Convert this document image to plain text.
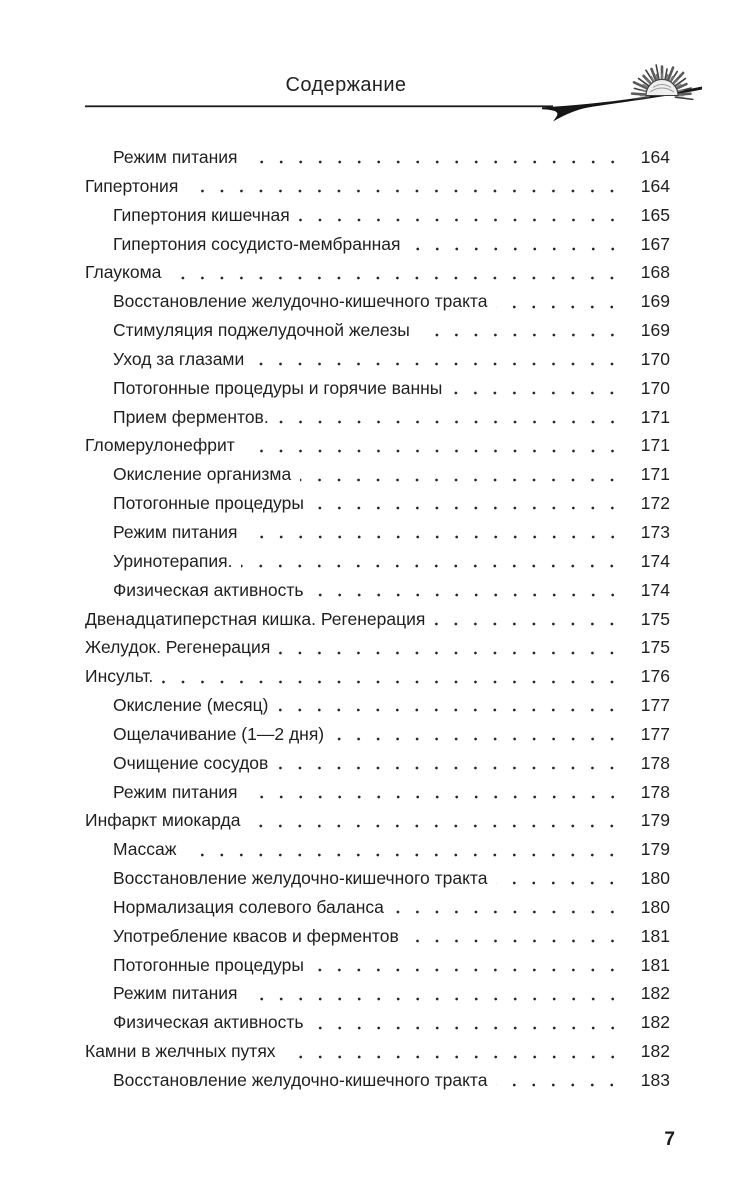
Содержание
Режим питания	164
Гипертония	164
Гипертония кишечная	165
Гипертония сосудисто-мембранная	167
Глаукома	168
Восстановление желудочно-кишечного тракта	169
Стимуляция поджелудочной железы	169
Уход за глазами	170
Потогонные процедуры и горячие ванны	170
Прием ферментов.	171
Гломерулонефрит	171
Окисление организма	171
Потогонные процедуры	172
Режим питания	173
Уринотерапия.	174
Физическая активность	174
Двенадцатиперстная кишка. Регенерация	175
Желудок. Регенерация	175
Инсульт.	176
Окисление (месяц)	177
Ощелачивание (1—2 дня)	177
Очищение сосудов	178
Режим питания	178
Инфаркт миокарда	179
Массаж	179
Восстановление желудочно-кишечного тракта	180
Нормализация солевого баланса	180
Употребление квасов и ферментов	181
Потогонные процедуры	181
Режим питания	182
Физическая активность	182
Камни в желчных путях	182
Восстановление желудочно-кишечного тракта	183
7
